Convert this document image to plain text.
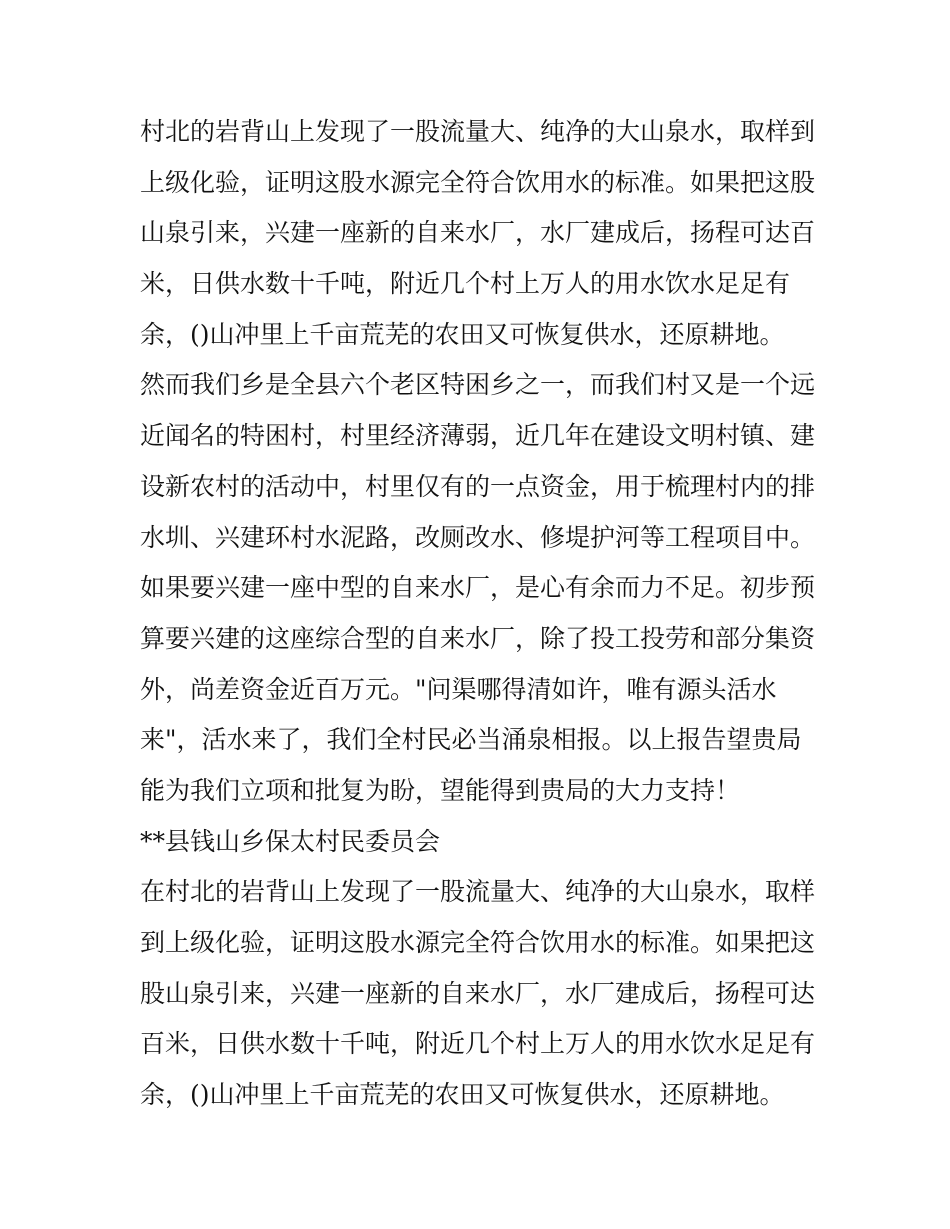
村北的岩背山上发现了一股流量大、纯净的大山泉水，取样到
上级化验，证明这股水源完全符合饮用水的标准。如果把这股
山泉引来，兴建一座新的自来水厂，水厂建成后，扬程可达百
米，日供水数十千吨，附近几个村上万人的用水饮水足足有
余，()山冲里上千亩荒芜的农田又可恢复供水，还原耕地。
然而我们乡是全县六个老区特困乡之一，而我们村又是一个远
近闻名的特困村，村里经济薄弱，近几年在建设文明村镇、建
设新农村的活动中，村里仅有的一点资金，用于梳理村内的排
水圳、兴建环村水泥路，改厕改水、修堤护河等工程项目中。
如果要兴建一座中型的自来水厂，是心有余而力不足。初步预
算要兴建的这座综合型的自来水厂，除了投工投劳和部分集资
外，尚差资金近百万元。"问渠哪得清如许，唯有源头活水
来"，活水来了，我们全村民必当涌泉相报。以上报告望贵局
能为我们立项和批复为盼，望能得到贵局的大力支持！
**县钱山乡保太村民委员会
在村北的岩背山上发现了一股流量大、纯净的大山泉水，取样
到上级化验，证明这股水源完全符合饮用水的标准。如果把这
股山泉引来，兴建一座新的自来水厂，水厂建成后，扬程可达
百米，日供水数十千吨，附近几个村上万人的用水饮水足足有
余，()山冲里上千亩荒芜的农田又可恢复供水，还原耕地。
